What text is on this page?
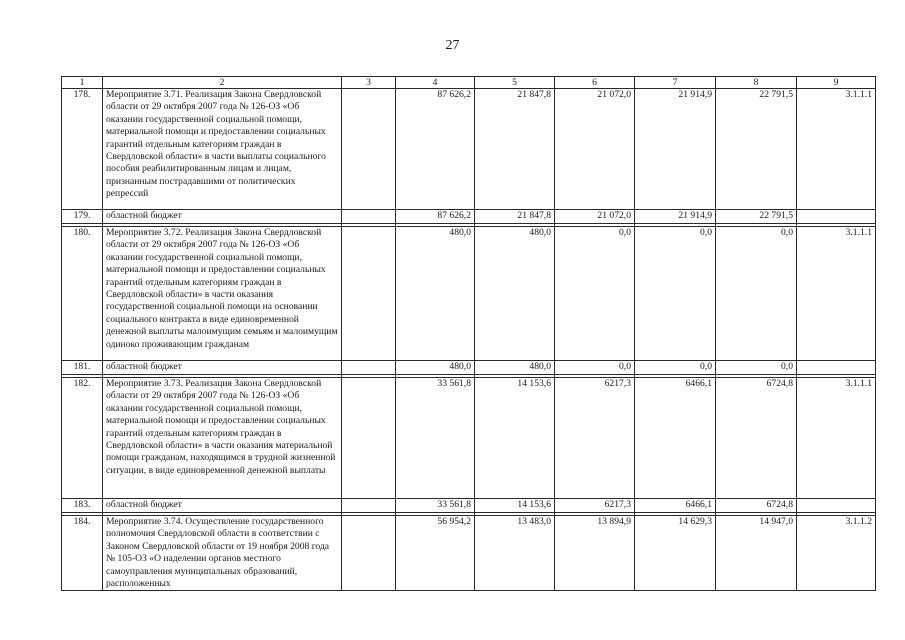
27
1	2	3	4	5	6	7	8	9
178.	Мероприятие 3.71. Реализация Закона Свердловской области от 29 октября 2007 года № 126-ОЗ «Об оказании государственной социальной помощи, материальной помощи и предоставлении социальных гарантий отдельным категориям граждан в Свердловской области» в части выплаты социального пособия реабилитированным лицам и лицам, признанным пострадавшими от политических репрессий		87 626,2	21 847,8	21 072,0	21 914,9	22 791,5	3.1.1.1
179.	областной бюджет		87 626,2	21 847,8	21 072,0	21 914,9	22 791,5	

180.	Мероприятие 3.72. Реализация Закона Свердловской области от 29 октября 2007 года № 126-ОЗ «Об оказании государственной социальной помощи, материальной помощи и предоставлении социальных гарантий отдельным категориям граждан в Свердловской области» в части оказания государственной социальной помощи на основании социального контракта в виде единовременной денежной выплаты малоимущим семьям и малоимущим одиноко проживающим гражданам		480,0	480,0	0,0	0,0	0,0	3.1.1.1
181.	областной бюджет		480,0	480,0	0,0	0,0	0,0	

182.	Мероприятие 3.73. Реализация Закона Свердловской области от 29 октября 2007 года № 126-ОЗ «Об оказании государственной социальной помощи, материальной помощи и предоставлении социальных гарантий отдельным категориям граждан в Свердловской области» в части оказания материальной помощи гражданам, находящимся в трудной жизненной ситуации, в виде единовременной денежной выплаты		33 561,8	14 153,6	6217,3	6466,1	6724,8	3.1.1.1
183.	областной бюджет		33 561,8	14 153,6	6217,3	6466,1	6724,8	

184.	Мероприятие 3.74. Осуществление государственного полномочия Свердловской области в соответствии с Законом Свердловской области от 19 ноября 2008 года № 105-ОЗ «О наделении органов местного самоуправления муниципальных образований, расположенных		56 954,2	13 483,0	13 894,9	14 629,3	14 947,0	3.1.1.2
